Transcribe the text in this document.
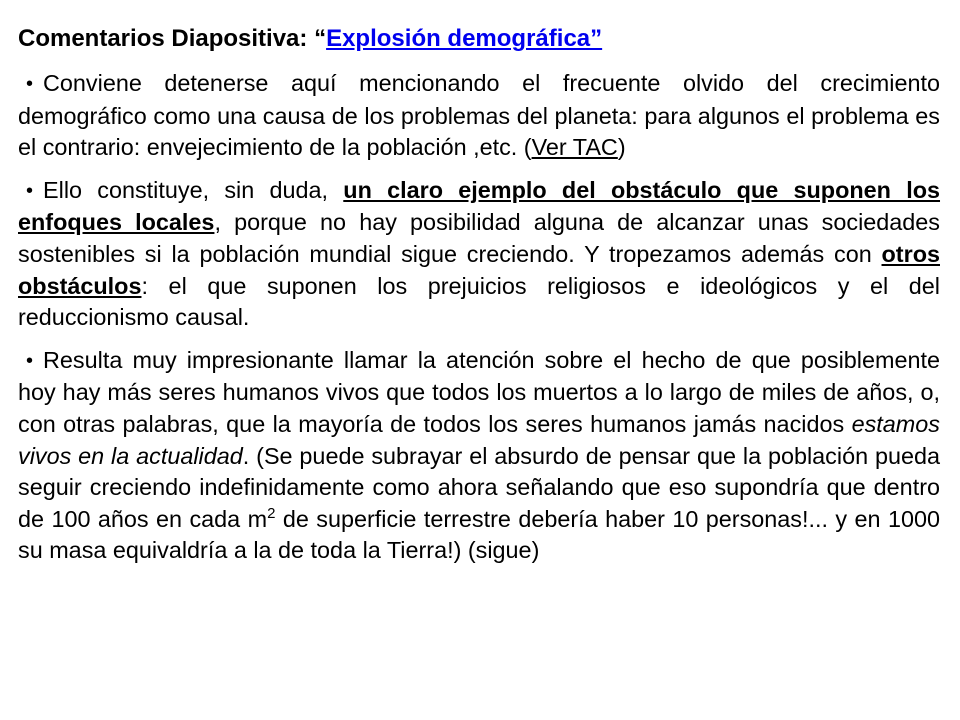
Comentarios Diapositiva: “Explosión demográfica”

• Conviene detenerse aquí mencionando el frecuente olvido del crecimiento demográfico como una causa de los problemas del planeta: para algunos el problema es el contrario: envejecimiento de la población ,etc. (Ver TAC)

• Ello constituye, sin duda, un claro ejemplo del obstáculo que suponen los enfoques locales, porque no hay posibilidad alguna de alcanzar unas sociedades sostenibles si la población mundial sigue creciendo. Y tropezamos además con otros obstáculos: el que suponen los prejuicios religiosos e ideológicos y el del reduccionismo causal.

• Resulta muy impresionante llamar la atención sobre el hecho de que posiblemente hoy hay más seres humanos vivos que todos los muertos a lo largo de miles de años, o, con otras palabras, que la mayoría de todos los seres humanos jamás nacidos estamos vivos en la actualidad. (Se puede subrayar el absurdo de pensar que la población pueda seguir creciendo indefinidamente como ahora señalando que eso supondría que dentro de 100 años en cada $m^2$ de superficie terrestre debería haber 10 personas!... y en 1000 su masa equivaldría a la de toda la Tierra!) (sigue)
